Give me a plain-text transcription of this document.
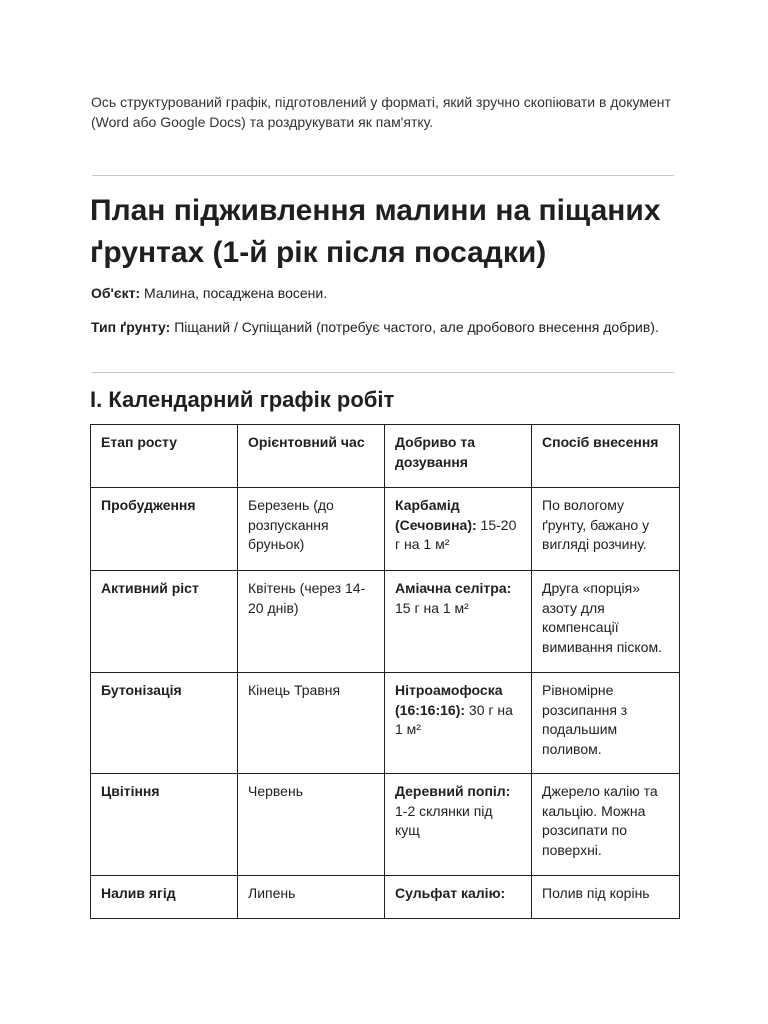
Ось структурований графік, підготовлений у форматі, який зручно скопіювати в документ (Word або Google Docs) та роздрукувати як пам'ятку.
План підживлення малини на піщаних ґрунтах (1-й рік після посадки)
Об'єкт: Малина, посаджена восени.
Тип ґрунту: Піщаний / Супіщаний (потребує частого, але дробового внесення добрив).
I. Календарний графік робіт
Етап росту	Орієнтовний час	Добриво та дозування	Спосіб внесення
Пробудження	Березень (до розпускання бруньок)	Карбамід (Сечовина): 15-20 г на 1 м²	По вологому ґрунту, бажано у вигляді розчину.
Активний ріст	Квітень (через 14-20 днів)	Аміачна селітра: 15 г на 1 м²	Друга «порція» азоту для компенсації вимивання піском.
Бутонізація	Кінець Травня	Нітроамофоска (16:16:16): 30 г на 1 м²	Рівномірне розсипання з подальшим поливом.
Цвітіння	Червень	Деревний попіл: 1-2 склянки під кущ	Джерело калію та кальцію. Можна розсипати по поверхні.
Налив ягід	Липень	Сульфат калію:	Полив під корінь
